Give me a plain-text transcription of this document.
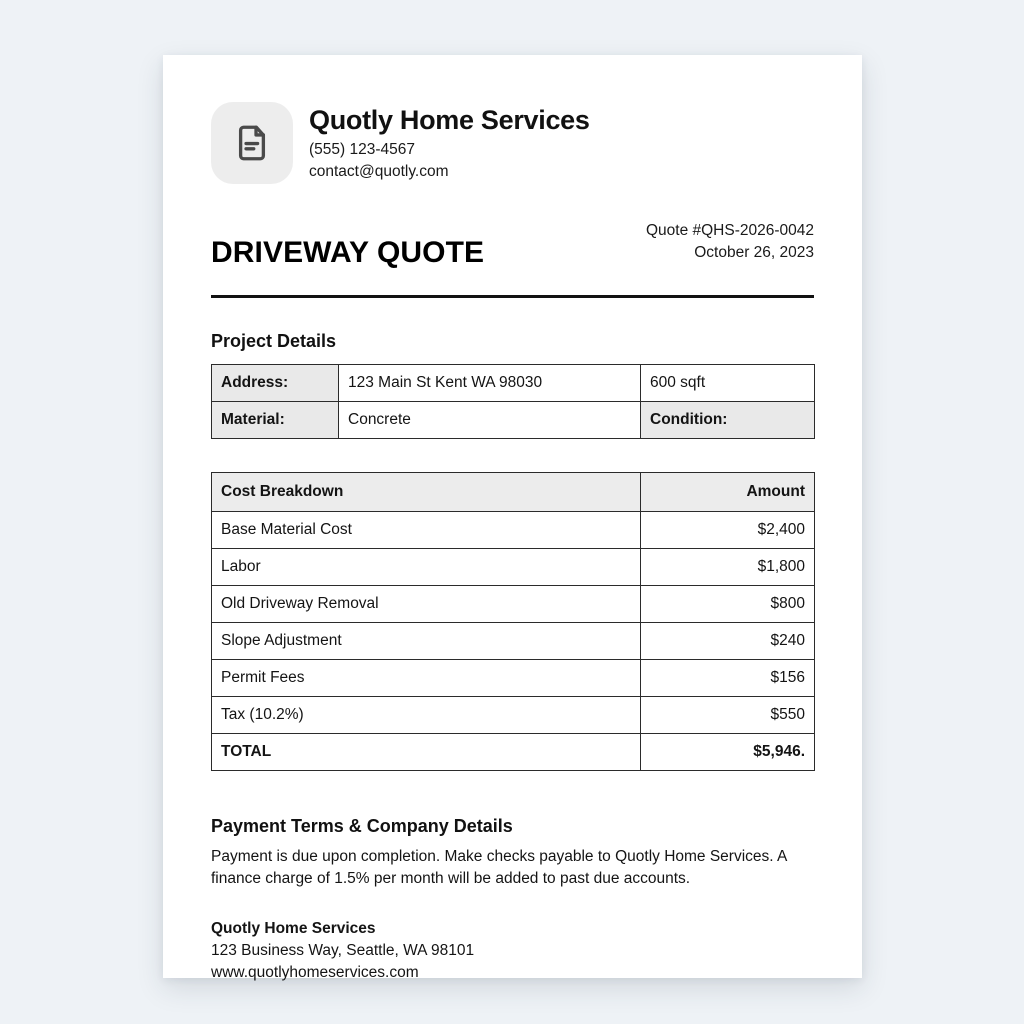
Quotly Home Services
(555) 123-4567
contact@quotly.com
DRIVEWAY QUOTE
Quote #QHS-2026-0042
October 26, 2023
Project Details
Address:	123 Main St Kent WA 98030	600 sqft	
Material:	Concrete	Condition:	
Cost Breakdown	Amount
Base Material Cost	$2,400
Labor	$1,800
Old Driveway Removal	$800
Slope Adjustment	$240
Permit Fees	$156
Tax (10.2%)	$550
TOTAL	$5,946.
Payment Terms & Company Details
Payment is due upon completion. Make checks payable to Quotly Home Services. A finance charge of 1.5% per month will be added to past due accounts.
Quotly Home Services
123 Business Way, Seattle, WA 98101
www.quotlyhomeservices.com
